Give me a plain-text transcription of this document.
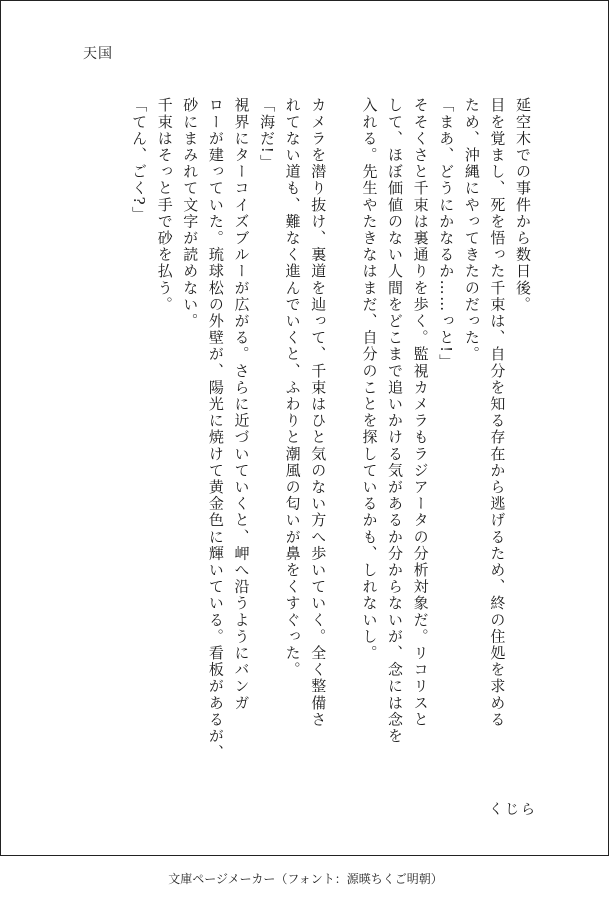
天国

延空木での事件から数日後。

目を覚まし、死を悟った千束は、自分を知る存在から逃げるため、終の住処を求める

ため、沖縄にやってきたのだった。

「まあ、どうにかなるか……っと!」

そそくさと千束は裏通りを歩く。監視カメラもラジアータの分析対象だ。リコリスと

して、ほぼ価値のない人間をどこまで追いかける気があるか分からないが、念には念を

入れる。先生やたきなはまだ、自分のことを探しているかも、しれないし。

カメラを潜り抜け、裏道を辿って、千束はひと気のない方へ歩いていく。全く整備さ

れてない道も、難なく進んでいくと、ふわりと潮風の匂いが鼻をくすぐった。

「海だ!」

視界にターコイズブルーが広がる。さらに近づいていくと、岬へ沿うようにバンガ

ローが建っていた。琉球松の外壁が、陽光に焼けて黄金色に輝いている。看板があるが、

砂にまみれて文字が読めない。

千束はそっと手で砂を払う。

「てん、ごく?」

くじら
文庫ページメーカー（フォント：源暎ちくご明朝）
